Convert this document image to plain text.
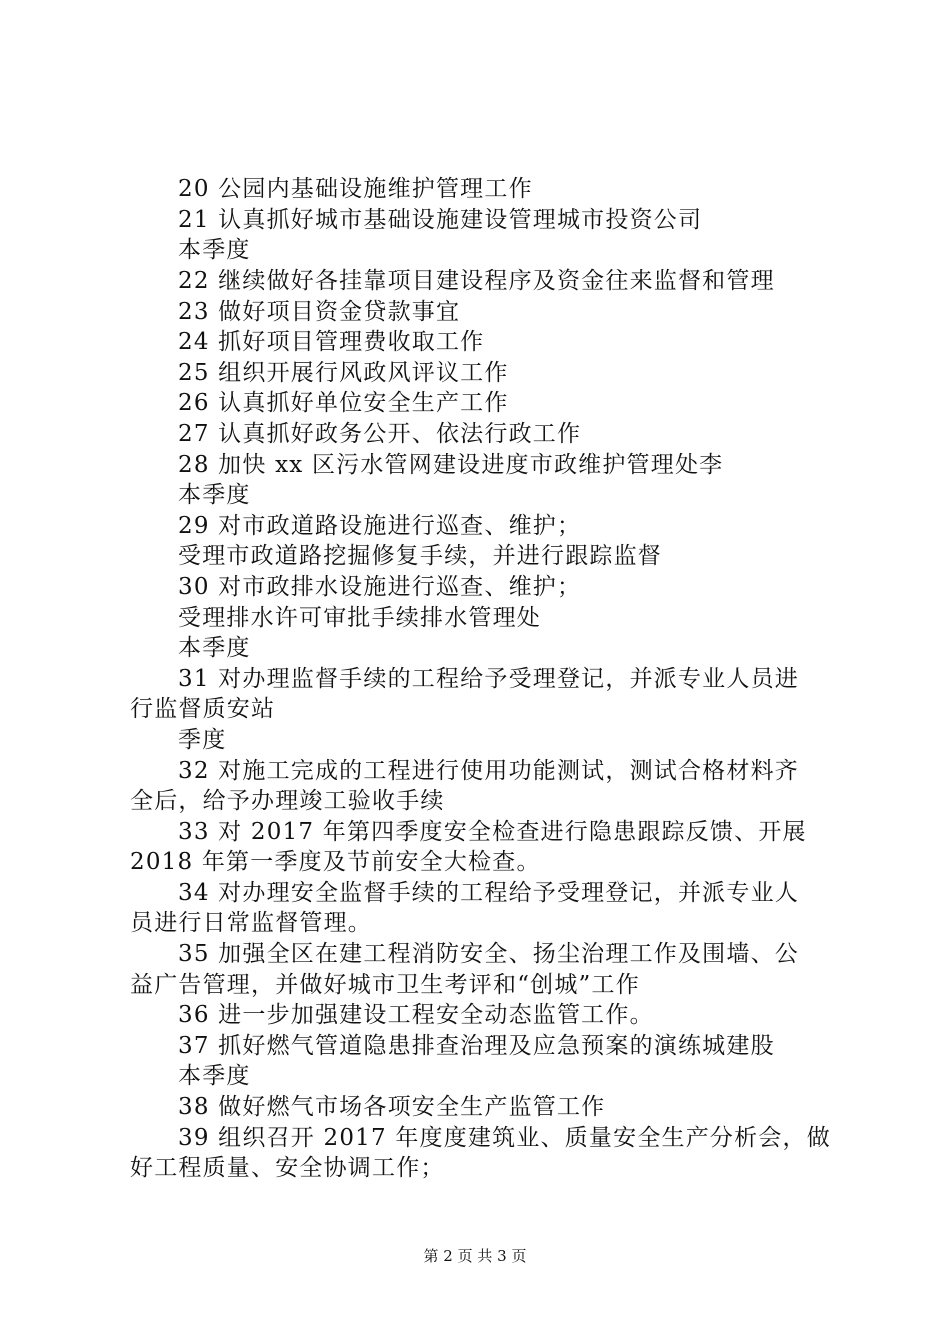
20 公园内基础设施维护管理工作
21 认真抓好城市基础设施建设管理城市投资公司
本季度
22 继续做好各挂靠项目建设程序及资金往来监督和管理
23 做好项目资金贷款事宜
24 抓好项目管理费收取工作
25 组织开展行风政风评议工作
26 认真抓好单位安全生产工作
27 认真抓好政务公开、依法行政工作
28 加快 xx 区污水管网建设进度市政维护管理处李
本季度
29 对市政道路设施进行巡查、维护；
受理市政道路挖掘修复手续，并进行跟踪监督
30 对市政排水设施进行巡查、维护；
受理排水许可审批手续排水管理处
本季度
31 对办理监督手续的工程给予受理登记，并派专业人员进
行监督质安站
季度
32 对施工完成的工程进行使用功能测试，测试合格材料齐
全后，给予办理竣工验收手续
33 对 2017 年第四季度安全检查进行隐患跟踪反馈、开展
2018 年第一季度及节前安全大检查。
34 对办理安全监督手续的工程给予受理登记，并派专业人
员进行日常监督管理。
35 加强全区在建工程消防安全、扬尘治理工作及围墙、公
益广告管理，并做好城市卫生考评和“创城”工作
36 进一步加强建设工程安全动态监管工作。
37 抓好燃气管道隐患排查治理及应急预案的演练城建股
本季度
38 做好燃气市场各项安全生产监管工作
39 组织召开 2017 年度度建筑业、质量安全生产分析会，做
好工程质量、安全协调工作；
第 2 页 共 3 页
